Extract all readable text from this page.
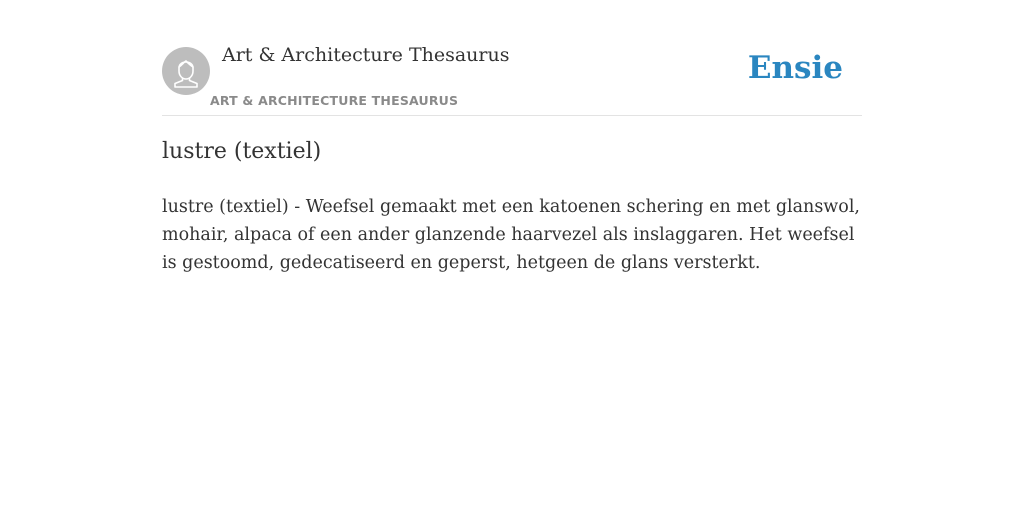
Art & Architecture Thesaurus
ART & ARCHITECTURE THESAURUS
Ensie
lustre (textiel)

lustre (textiel) - Weefsel gemaakt met een katoenen schering en met glanswol, mohair, alpaca of een ander glanzende haarvezel als inslaggaren. Het weefsel is gestoomd, gedecatiseerd en geperst, hetgeen de glans versterkt.
